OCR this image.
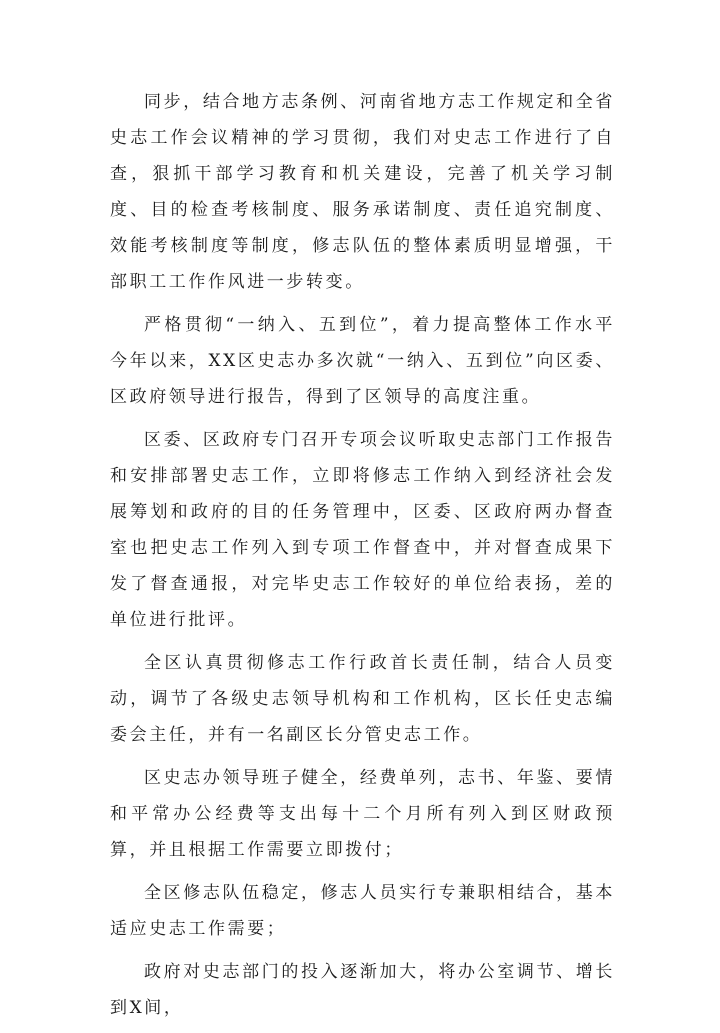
同步，结合地方志条例、河南省地方志工作规定和全省史志工作会议精神的学习贯彻，我们对史志工作进行了自查，狠抓干部学习教育和机关建设，完善了机关学习制度、目的检查考核制度、服务承诺制度、责任追究制度、效能考核制度等制度，修志队伍的整体素质明显增强，干部职工工作作风进一步转变。

严格贯彻“一纳入、五到位”，着力提高整体工作水平 今年以来，XX区史志办多次就“一纳入、五到位”向区委、区政府领导进行报告，得到了区领导的高度注重。

区委、区政府专门召开专项会议听取史志部门工作报告和安排部署史志工作，立即将修志工作纳入到经济社会发展筹划和政府的目的任务管理中，区委、区政府两办督查室也把史志工作列入到专项工作督查中，并对督查成果下发了督查通报，对完毕史志工作较好的单位给表扬，差的单位进行批评。

全区认真贯彻修志工作行政首长责任制，结合人员变动，调节了各级史志领导机构和工作机构，区长任史志编委会主任，并有一名副区长分管史志工作。

区史志办领导班子健全，经费单列，志书、年鉴、要情和平常办公经费等支出每十二个月所有列入到区财政预算，并且根据工作需要立即拨付；

全区修志队伍稳定，修志人员实行专兼职相结合，基本适应史志工作需要；

政府对史志部门的投入逐渐加大，将办公室调节、增长到X间，
